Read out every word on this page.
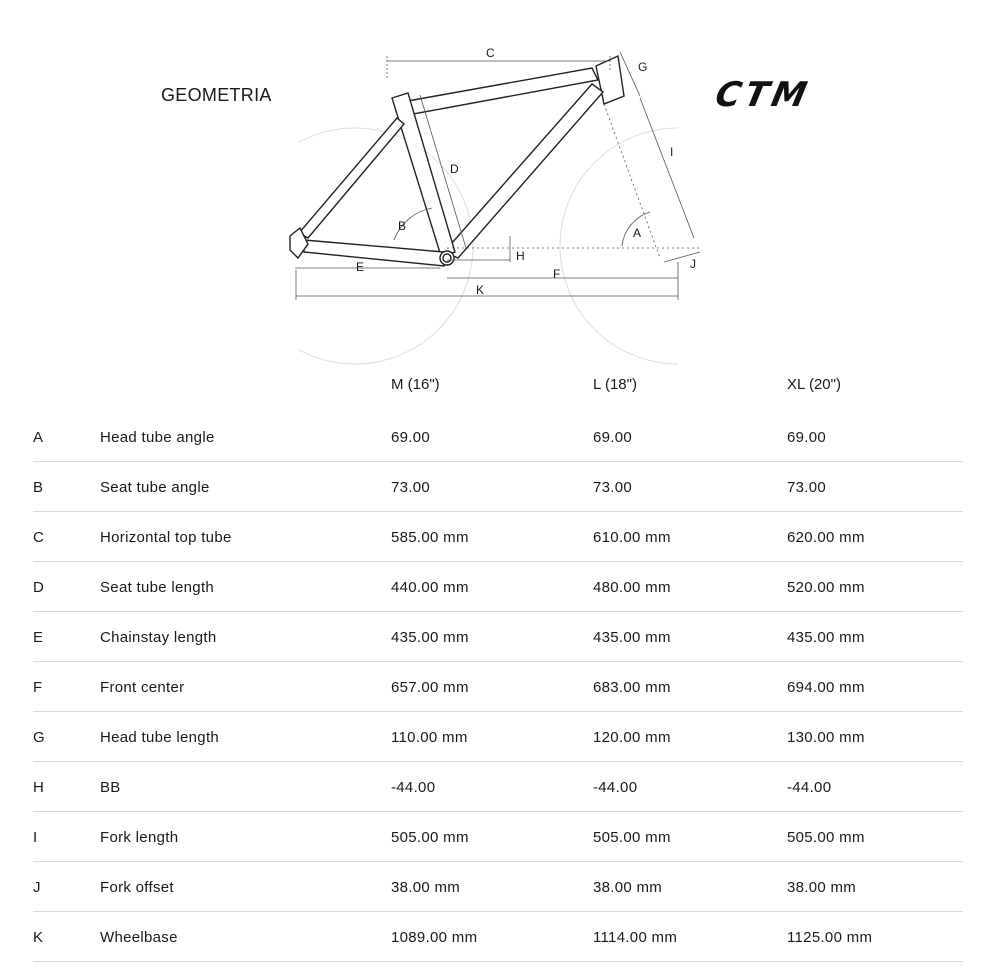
GEOMETRIA	CTM
C
G
D
I
B	A
H
J
E	F
K
M (16")	L (18")	XL (20")
A	Head tube angle	69.00	69.00	69.00
B	Seat tube angle	73.00	73.00	73.00
C	Horizontal top tube	585.00 mm	610.00 mm	620.00 mm
D	Seat tube length	440.00 mm	480.00 mm	520.00 mm
E	Chainstay length	435.00 mm	435.00 mm	435.00 mm
F	Front center	657.00 mm	683.00 mm	694.00 mm
G	Head tube length	110.00 mm	120.00 mm	130.00 mm
H	BB	-44.00	-44.00	-44.00
I	Fork length	505.00 mm	505.00 mm	505.00 mm
J	Fork offset	38.00 mm	38.00 mm	38.00 mm
K	Wheelbase	1089.00 mm	1114.00 mm	1125.00 mm
